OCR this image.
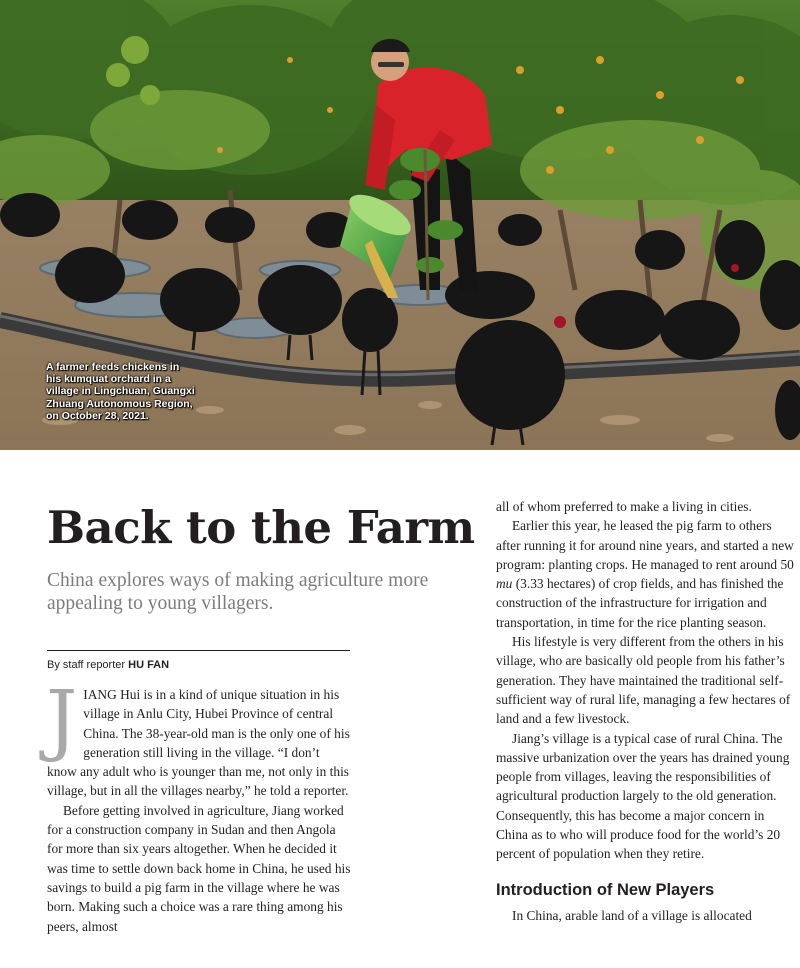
A farmer feeds chickens in his kumquat orchard in a village in Lingchuan, Guangxi Zhuang Autonomous Region, on October 28, 2021.
Back to the Farm

China explores ways of making agriculture more appealing to young villagers.

By staff reporter HU FAN

J IANG Hui is in a kind of unique situation in his village in Anlu City, Hubei Province of central China. The 38-year-old man is the only one of his generation still living in the village. “I don’t know any adult who is younger than me, not only in this village, but in all the villages nearby,” he told a reporter.

Before getting involved in agriculture, Jiang worked for a construction company in Sudan and then Angola for more than six years altogether. When he decided it was time to settle down back home in China, he used his savings to build a pig farm in the village where he was born. Making such a choice was a rare thing among his peers, almost

all of whom preferred to make a living in cities.

Earlier this year, he leased the pig farm to others after running it for around nine years, and started a new program: planting crops. He managed to rent around 50 mu (3.33 hectares) of crop fields, and has finished the construction of the infrastructure for irrigation and transportation, in time for the rice planting season.

His lifestyle is very different from the others in his village, who are basically old people from his father’s generation. They have maintained the traditional self-sufficient way of rural life, managing a few hectares of land and a few livestock.

Jiang’s village is a typical case of rural China. The massive urbanization over the years has drained young people from villages, leaving the responsibilities of agricultural production largely to the old generation. Consequently, this has become a major concern in China as to who will produce food for the world’s 20 percent of population when they retire.

Introduction of New Players

In China, arable land of a village is allocated
